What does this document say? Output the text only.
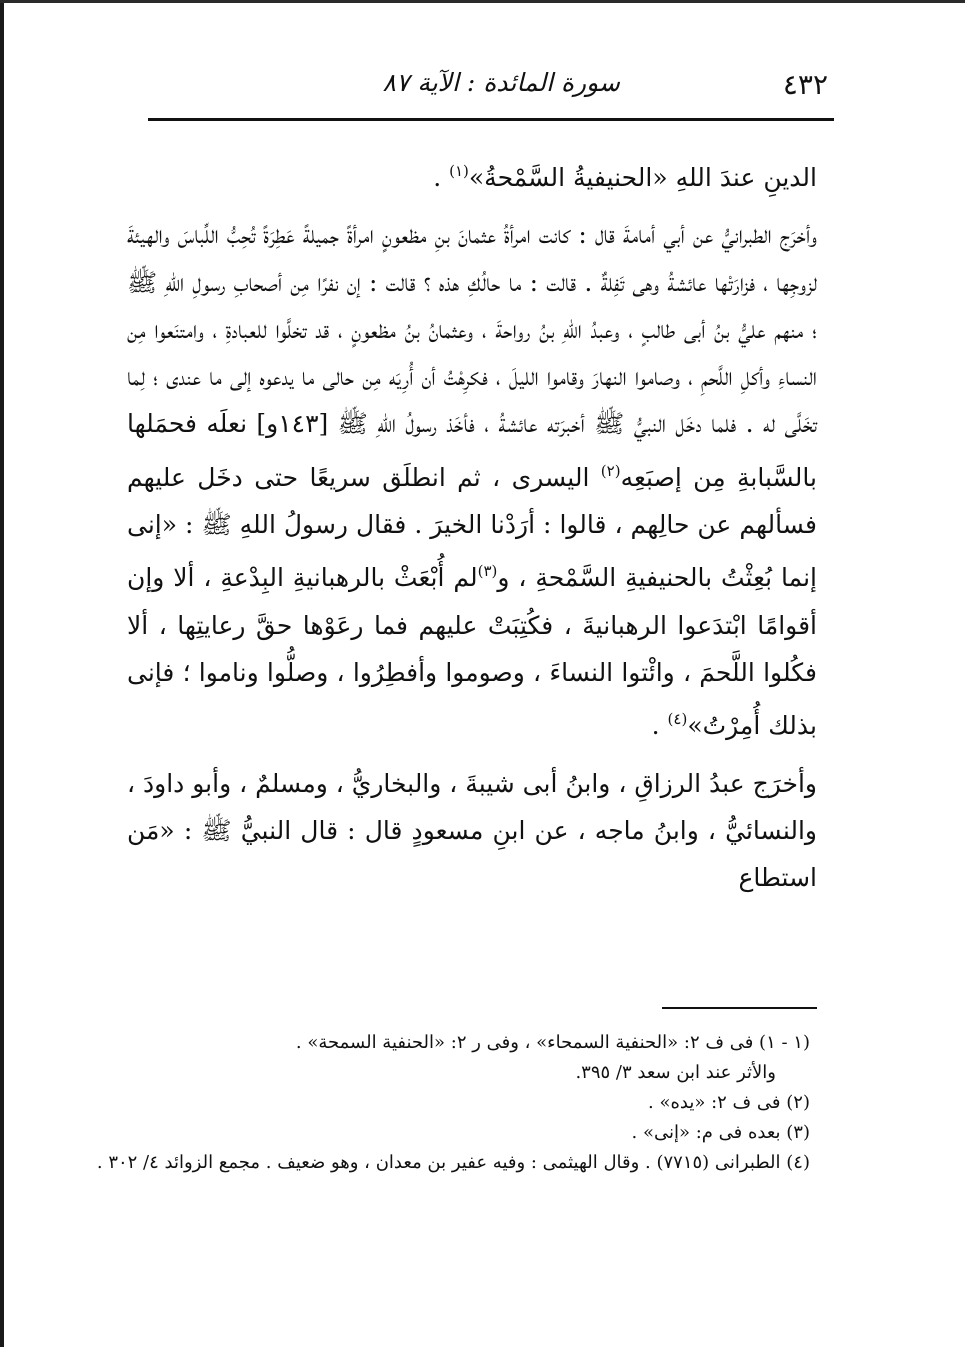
٤٣٢
سورة المائدة : الآية ٨٧

الدينِ عندَ اللهِ «الحنيفيةُ السَّمْحةُ»$^{(١)}$ .

وأخرَج الطبرانيُّ عن أبي أمامةَ قال : كانت امرأةُ عثمانَ بنِ مظعونٍ امرأةً جميلةً عَطِرَةً تُحِبُّ اللِّباسَ والهيئةَ لزوجِها ، فزارَتْها عائشةُ وهى تَفِلةٌ . قالت : ما حالُكِ هذه ؟ قالت : إن نفرًا مِن أصحابِ رسولِ اللهِ ﷺ ؛ منهم عليُّ بنُ أبى طالبٍ ، وعبدُ اللهِ بنُ رواحةَ ، وعثمانُ بنُ مظعونٍ ، قد تخلَّوا للعبادةِ ، وامتنَعوا مِن النساءِ وأكلِ اللَّحمِ ، وصاموا النهارَ وقاموا الليلَ ، فكرِهْتُ أن أُرِيَه مِن حالى ما يدعوه إلى ما عندى ؛ لِما تخَلَّى له . فلما دخَل النبيُّ ﷺ أخبرَته عائشةُ ، فأخَذ رسولُ اللهِ ﷺ [١٤٣و] نعلَه فحمَلها بالسَّبابةِ مِن إصبَعِه$^{(٢)}$ اليسرى ، ثم انطلَق سريعًا حتى دخَل عليهم فسألهم عن حالِهم ، قالوا : أرَدْنا الخيرَ . فقال رسولُ اللهِ ﷺ : «إنى إنما بُعِثْتُ بالحنيفيةِ السَّمْحةِ ، و$^{(٣)}$لم أُبْعَثْ بالرهبانيةِ البِدْعةِ ، ألا وإن أقوامًا ابْتدَعوا الرهبانيةَ ، فكُتِبَتْ عليهم فما رعَوْها حقَّ رعايتِها ، ألا فكُلوا اللَّحمَ ، وائْتوا النساءَ ، وصوموا وأفطِرُوا ، وصلُّوا وناموا ؛ فإنى بذلك أُمِرْتُ»$^{(٤)}$ .

وأخرَج عبدُ الرزاقِ ، وابنُ أبى شيبةَ ، والبخاريُّ ، ومسلمٌ ، وأبو داودَ ، والنسائيُّ ، وابنُ ماجه ، عن ابنِ مسعودٍ قال : قال النبيُّ ﷺ : «مَن استطاع

(١ - ١) فى ف ٢: «الحنفية السمحاء» ، وفى ر ٢: «الحنفية السمحة» .
والأثر عند ابن سعد ٣/ ٣٩٥.
(٢) فى ف ٢: «يده» .
(٣) بعده فى م: «إنى» .
(٤) الطبرانى (٧٧١٥) . وقال الهيثمى : وفيه عفير بن معدان ، وهو ضعيف . مجمع الزوائد ٤/ ٣٠٢ .
